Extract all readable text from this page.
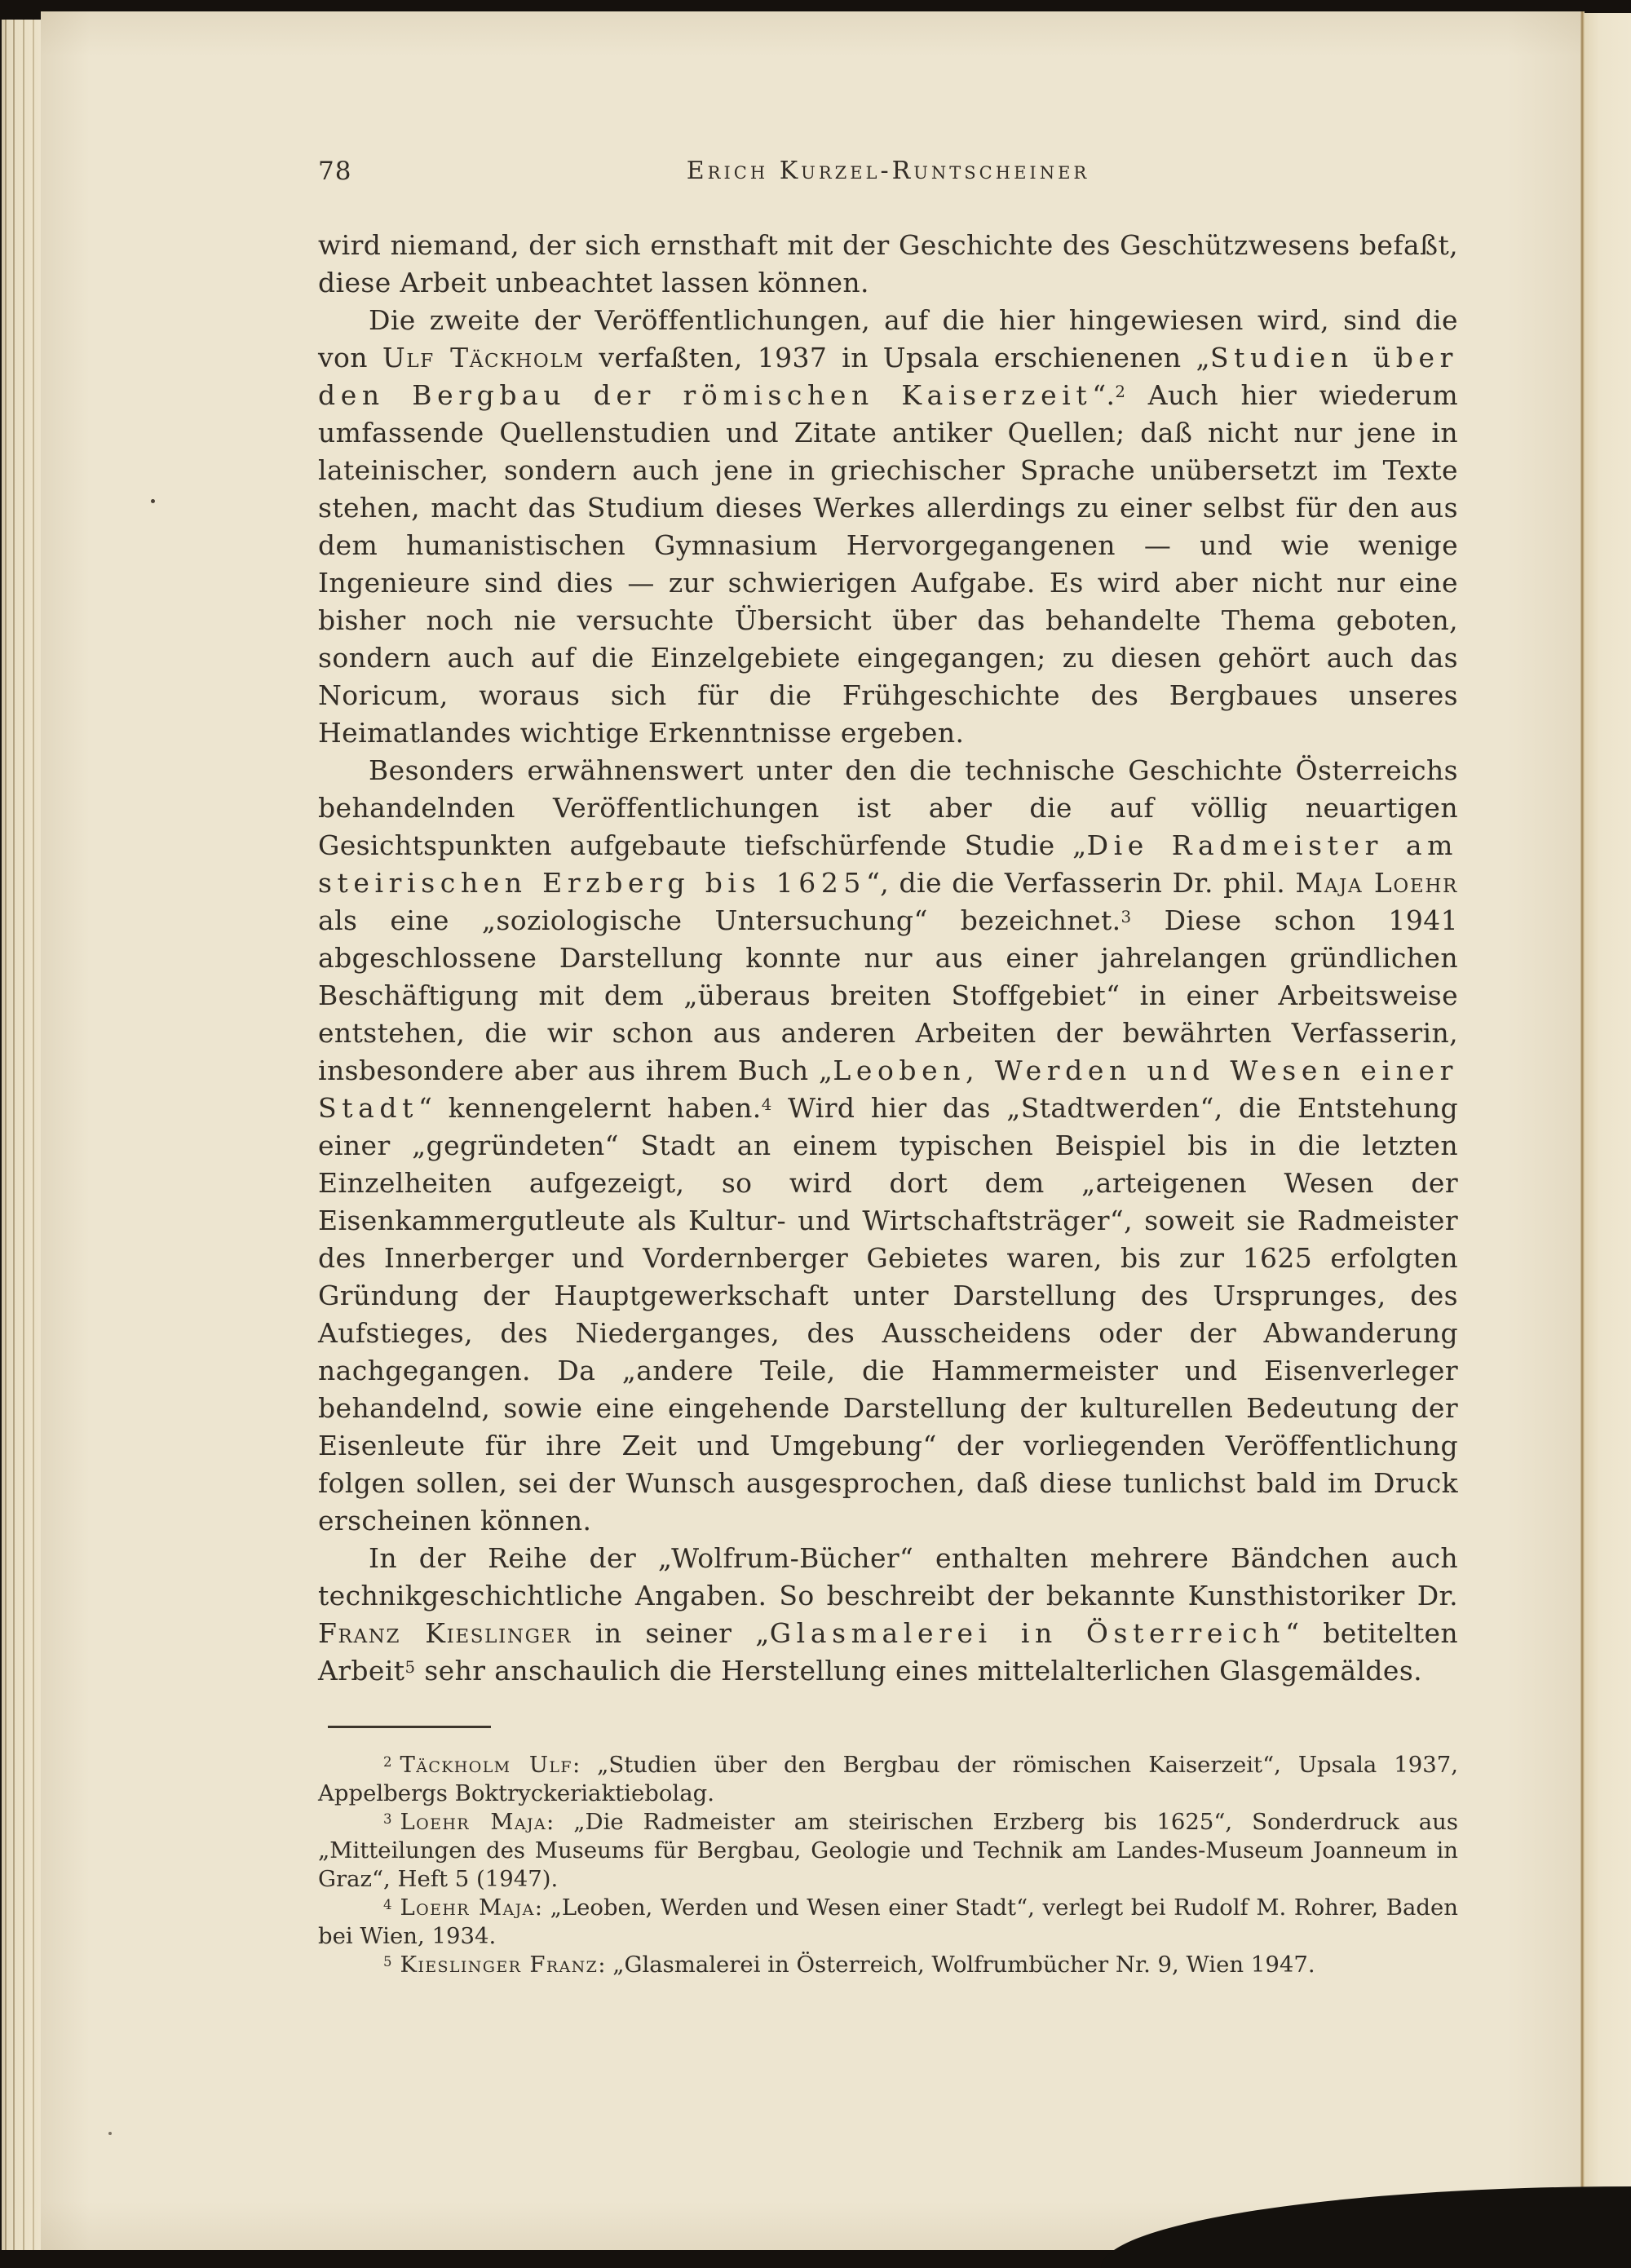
78	Erich Kurzel-Runtscheiner

wird niemand, der sich ernsthaft mit der Geschichte des Geschützwesens befaßt, diese Arbeit unbeachtet lassen können.

Die zweite der Veröffentlichungen, auf die hier hingewiesen wird, sind die von Ulf Täckholm verfaßten, 1937 in Upsala erschienenen „Studien über den Bergbau der römischen Kaiserzeit“.$^2$ Auch hier wiederum umfassende Quellenstudien und Zitate antiker Quellen; daß nicht nur jene in lateinischer, sondern auch jene in griechischer Sprache unübersetzt im Texte stehen, macht das Studium dieses Werkes allerdings zu einer selbst für den aus dem humanistischen Gymnasium Hervorgegangenen — und wie wenige Ingenieure sind dies — zur schwierigen Aufgabe. Es wird aber nicht nur eine bisher noch nie versuchte Übersicht über das behandelte Thema geboten, sondern auch auf die Einzelgebiete eingegangen; zu diesen gehört auch das Noricum, woraus sich für die Frühgeschichte des Bergbaues unseres Heimatlandes wichtige Erkenntnisse ergeben.

Besonders erwähnenswert unter den die technische Geschichte Österreichs behandelnden Veröffentlichungen ist aber die auf völlig neuartigen Gesichtspunkten aufgebaute tiefschürfende Studie „Die Radmeister am steirischen Erzberg bis 1625“, die die Verfasserin Dr. phil. Maja Loehr als eine „soziologische Untersuchung“ bezeichnet.$^3$ Diese schon 1941 abgeschlossene Darstellung konnte nur aus einer jahrelangen gründlichen Beschäftigung mit dem „überaus breiten Stoffgebiet“ in einer Arbeitsweise entstehen, die wir schon aus anderen Arbeiten der bewährten Verfasserin, insbesondere aber aus ihrem Buch „Leoben, Werden und Wesen einer Stadt“ kennengelernt haben.$^4$ Wird hier das „Stadtwerden“, die Entstehung einer „gegründeten“ Stadt an einem typischen Beispiel bis in die letzten Einzelheiten aufgezeigt, so wird dort dem „arteigenen Wesen der Eisenkammergutleute als Kultur- und Wirtschaftsträger“, soweit sie Radmeister des Innerberger und Vordernberger Gebietes waren, bis zur 1625 erfolgten Gründung der Hauptgewerkschaft unter Darstellung des Ursprunges, des Aufstieges, des Niederganges, des Ausscheidens oder der Abwanderung nachgegangen. Da „andere Teile, die Hammermeister und Eisenverleger behandelnd, sowie eine eingehende Darstellung der kulturellen Bedeutung der Eisenleute für ihre Zeit und Umgebung“ der vorliegenden Veröffentlichung folgen sollen, sei der Wunsch ausgesprochen, daß diese tunlichst bald im Druck erscheinen können.

In der Reihe der „Wolfrum-Bücher“ enthalten mehrere Bändchen auch technikgeschichtliche Angaben. So beschreibt der bekannte Kunsthistoriker Dr. Franz Kieslinger in seiner „Glasmalerei in Österreich“ betitelten Arbeit$^5$ sehr anschaulich die Herstellung eines mittelalterlichen Glasgemäldes.

$^2$ Täckholm Ulf: „Studien über den Bergbau der römischen Kaiserzeit“, Upsala 1937, Appelbergs Boktryckeriaktiebolag.

$^3$ Loehr Maja: „Die Radmeister am steirischen Erzberg bis 1625“, Sonderdruck aus „Mitteilungen des Museums für Bergbau, Geologie und Technik am Landes-Museum Joanneum in Graz“, Heft 5 (1947).

$^4$ Loehr Maja: „Leoben, Werden und Wesen einer Stadt“, verlegt bei Rudolf M. Rohrer, Baden bei Wien, 1934.

$^5$ Kieslinger Franz: „Glasmalerei in Österreich, Wolfrumbücher Nr. 9, Wien 1947.
